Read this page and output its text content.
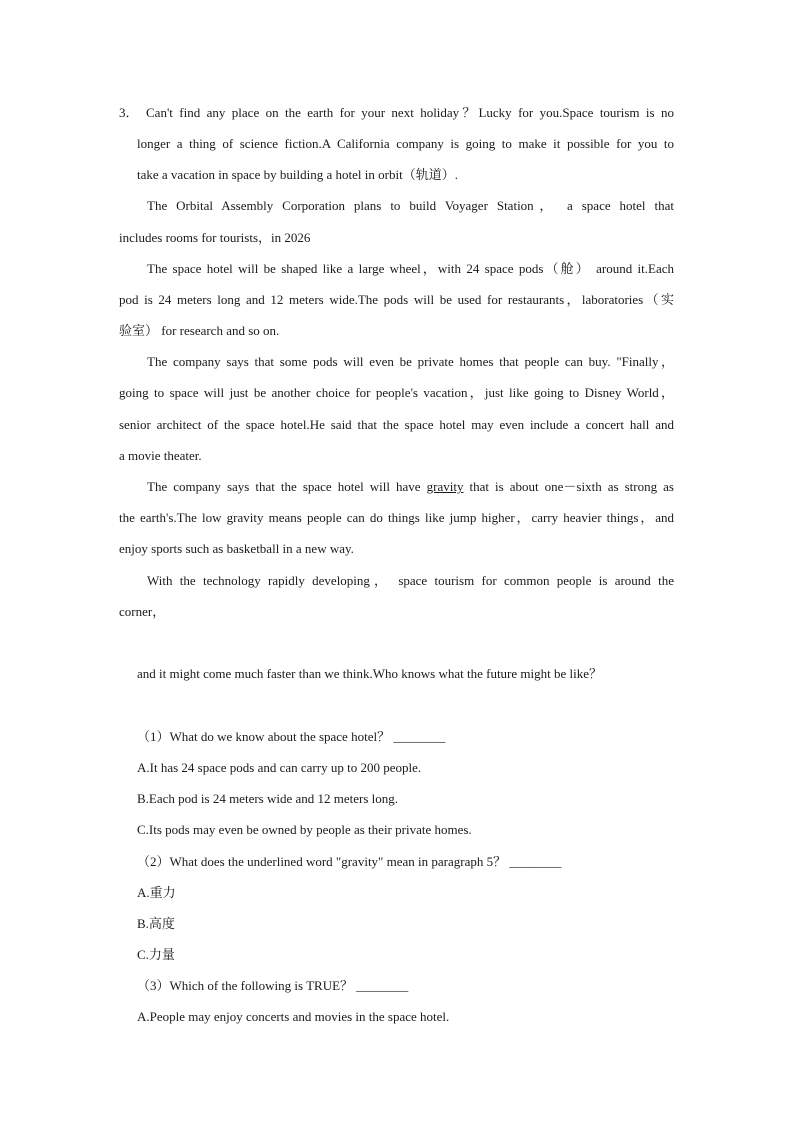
3． Can't find any place on the earth for your next holiday？Lucky for you.Space tourism is no
longer a thing of science fiction.A California company is going to make it possible for you to
take a vacation in space by building a hotel in orbit（轨道）.
The Orbital Assembly Corporation plans to build Voyager Station， a space hotel that
includes rooms for tourists，in 2026
The space hotel will be shaped like a large wheel，with 24 space pods（舱） around it.Each
pod is 24 meters long and 12 meters wide.The pods will be used for restaurants，laboratories（实
验室） for research and so on.
The company says that some pods will even be private homes that people can buy. "Finally，
going to space will just be another choice for people's vacation，just like going to Disney World，
senior architect of the space hotel.He said that the space hotel may even include a concert hall and
a movie theater.
The company says that the space hotel will have gravity that is about one－sixth as strong as
the earth's.The low gravity means people can do things like jump higher，carry heavier things，and
enjoy sports such as basketball in a new way.
With the technology rapidly developing， space tourism for common people is around the
corner，
and it might come much faster than we think.Who knows what the future might be like？
（1）What do we know about the space hotel？ ________
A.It has 24 space pods and can carry up to 200 people.
B.Each pod is 24 meters wide and 12 meters long.
C.Its pods may even be owned by people as their private homes.
（2）What does the underlined word "gravity" mean in paragraph 5？ ________
A.重力
B.高度
C.力量
（3）Which of the following is TRUE？ ________
A.People may enjoy concerts and movies in the space hotel.
